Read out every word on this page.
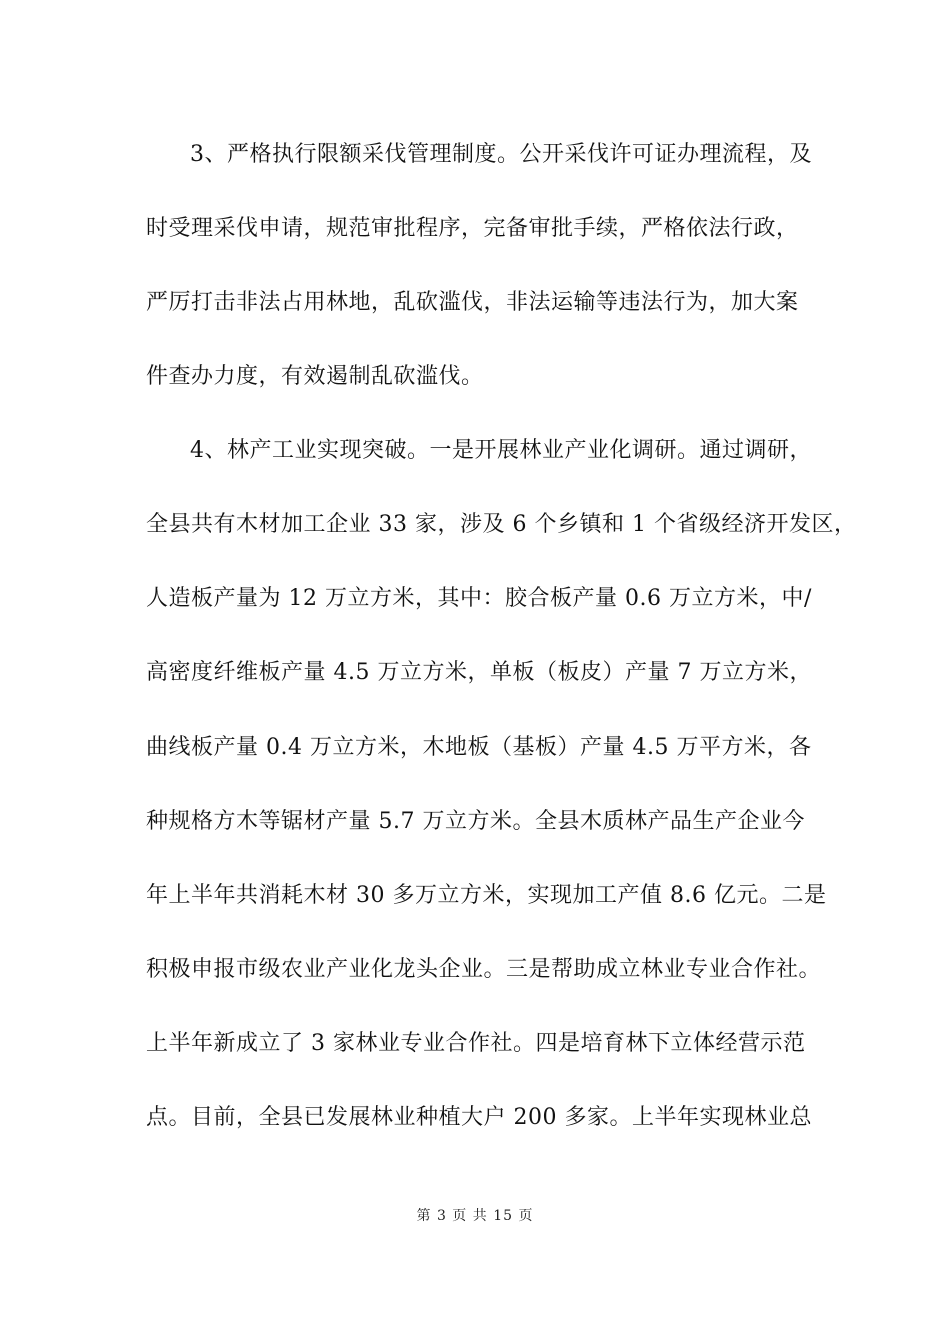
3、严格执行限额采伐管理制度。公开采伐许可证办理流程，及
时受理采伐申请，规范审批程序，完备审批手续，严格依法行政，
严厉打击非法占用林地，乱砍滥伐，非法运输等违法行为，加大案
件查办力度，有效遏制乱砍滥伐。
4、林产工业实现突破。一是开展林业产业化调研。通过调研，
全县共有木材加工企业 33 家，涉及 6 个乡镇和 1 个省级经济开发区，
人造板产量为 12 万立方米，其中：胶合板产量 0.6 万立方米，中/
高密度纤维板产量 4.5 万立方米，单板（板皮）产量 7 万立方米，
曲线板产量 0.4 万立方米，木地板（基板）产量 4.5 万平方米，各
种规格方木等锯材产量 5.7 万立方米。全县木质林产品生产企业今
年上半年共消耗木材 30 多万立方米，实现加工产值 8.6 亿元。二是
积极申报市级农业产业化龙头企业。三是帮助成立林业专业合作社。
上半年新成立了 3 家林业专业合作社。四是培育林下立体经营示范
点。目前，全县已发展林业种植大户 200 多家。上半年实现林业总
第 3 页 共 15 页
